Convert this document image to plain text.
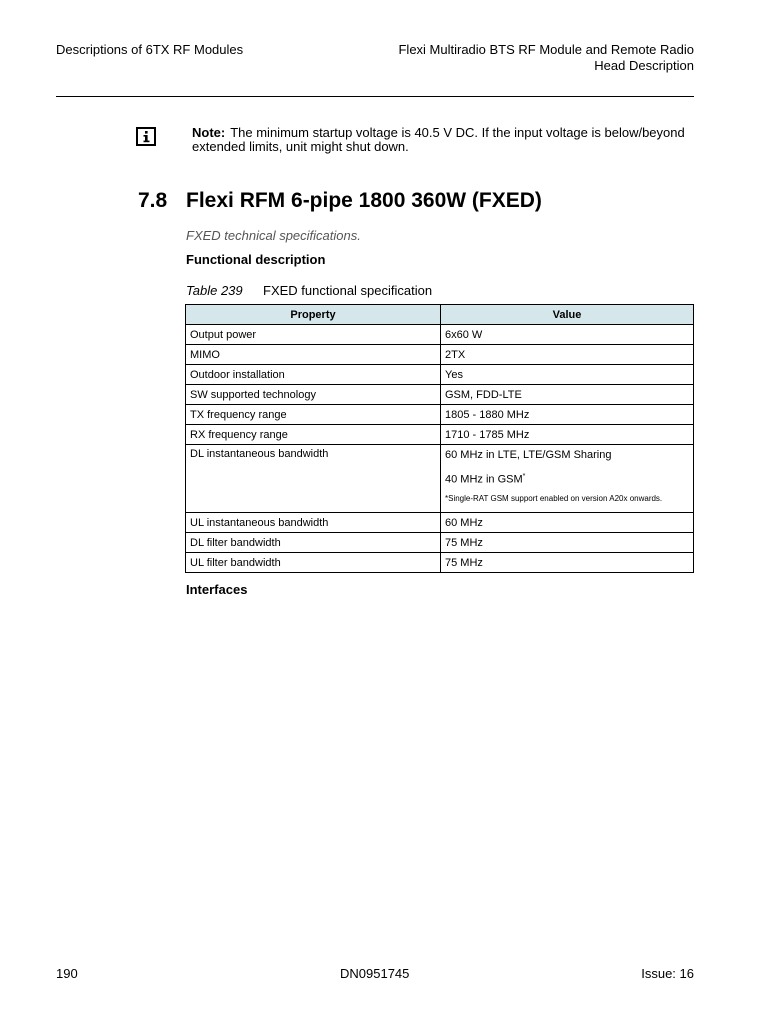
Descriptions of 6TX RF Modules	Flexi Multiradio BTS RF Module and Remote Radio
Head Description
Note: The minimum startup voltage is 40.5 V DC. If the input voltage is below/beyond extended limits, unit might shut down.
7.8 Flexi RFM 6-pipe 1800 360W (FXED)
FXED technical specifications.
Functional description
Table 239 FXED functional specification
Property	Value
Output power	6x60 W
MIMO	2TX
Outdoor installation	Yes
SW supported technology	GSM, FDD-LTE
TX frequency range	1805 - 1880 MHz
RX frequency range	1710 - 1785 MHz
DL instantaneous bandwidth	60 MHz in LTE, LTE/GSM Sharing
40 MHz in GSM*
*Single-RAT GSM support enabled on version A20x onwards.

UL instantaneous bandwidth	60 MHz
DL filter bandwidth	75 MHz
UL filter bandwidth	75 MHz
Interfaces
190	DN0951745	Issue: 16
